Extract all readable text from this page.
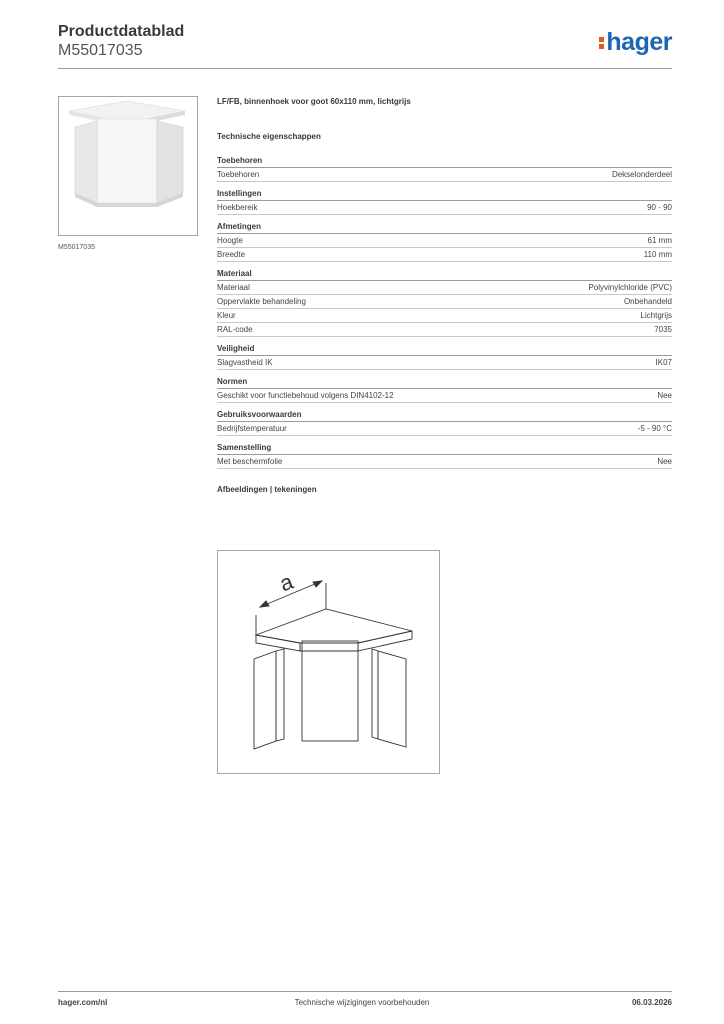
Productdatablad
M55017035	hager
M55017035
LF/FB, binnenhoek voor goot 60x110 mm, lichtgrijs
Technische eigenschappen
Toebehoren
Toebehoren	Dekselonderdeel
Instellingen
Hoekbereik	90 - 90
Afmetingen
Hoogte	61 mm
Breedte	110 mm
Materiaal
Materiaal	Polyvinylchloride (PVC)
Oppervlakte behandeling	Onbehandeld
Kleur	Lichtgrijs
RAL-code	7035
Veiligheid
Slagvastheid IK	IK07
Normen
Geschikt voor functiebehoud volgens DIN4102-12	Nee
Gebruiksvoorwaarden
Bedrijfstemperatuur	-5 - 90 °C
Samenstelling
Met beschermfolie	Nee
Afbeeldingen | tekeningen
a
hager.com/nl	Technische wijzigingen voorbehouden	06.03.2026
